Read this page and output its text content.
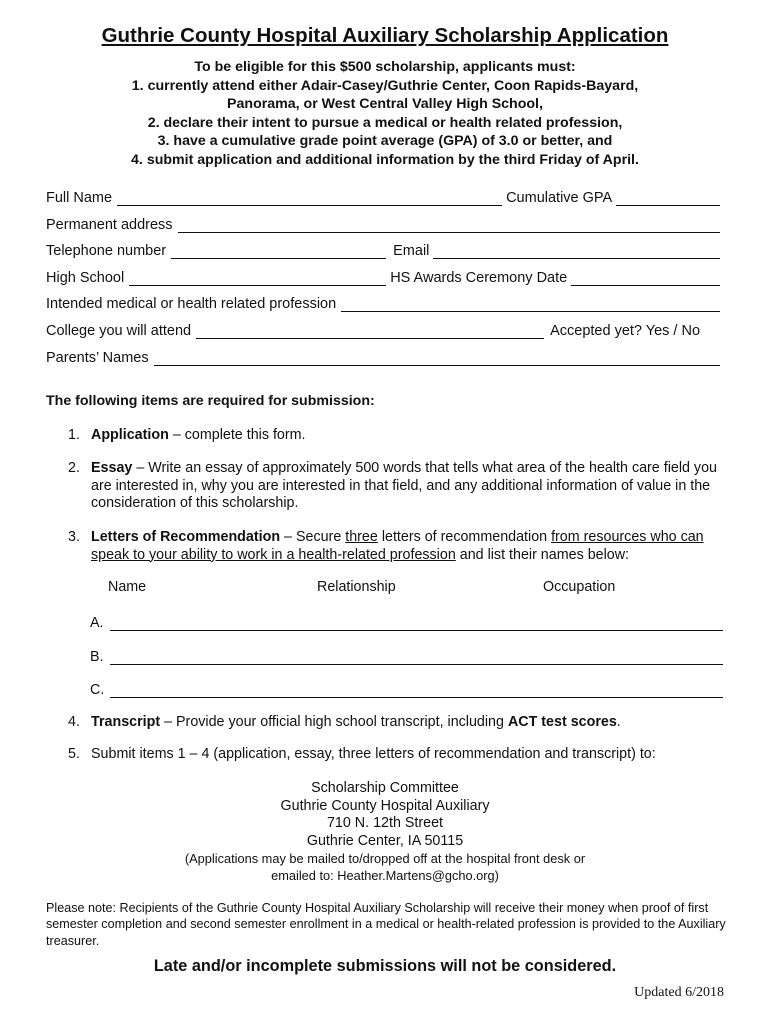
Guthrie County Hospital Auxiliary Scholarship Application
To be eligible for this $500 scholarship, applicants must:
1. currently attend either Adair-Casey/Guthrie Center, Coon Rapids-Bayard,
Panorama, or West Central Valley High School,
2. declare their intent to pursue a medical or health related profession,
3. have a cumulative grade point average (GPA) of 3.0 or better, and
4. submit application and additional information by the third Friday of April.
Full Name	Cumulative GPA
Permanent address
Telephone number	Email
High School	HS Awards Ceremony Date
Intended medical or health related profession
College you will attend	Accepted yet? Yes / No
Parents’ Names
The following items are required for submission:
1. Application – complete this form.
2. Essay – Write an essay of approximately 500 words that tells what area of the health care field you are interested in, why you are interested in that field, and any additional information of value in the consideration of this scholarship.
3. Letters of Recommendation – Secure three letters of recommendation from resources who can speak to your ability to work in a health-related profession and list their names below:
Name	Relationship	Occupation
A.
B.
C.
4. Transcript – Provide your official high school transcript, including ACT test scores.
5. Submit items 1 – 4 (application, essay, three letters of recommendation and transcript) to:
Scholarship Committee
Guthrie County Hospital Auxiliary
710 N. 12th Street
Guthrie Center, IA 50115
(Applications may be mailed to/dropped off at the hospital front desk or
emailed to: Heather.Martens@gcho.org)
Please note: Recipients of the Guthrie County Hospital Auxiliary Scholarship will receive their money when proof of first semester completion and second semester enrollment in a medical or health-related profession is provided to the Auxiliary treasurer.
Late and/or incomplete submissions will not be considered.
Updated 6/2018
